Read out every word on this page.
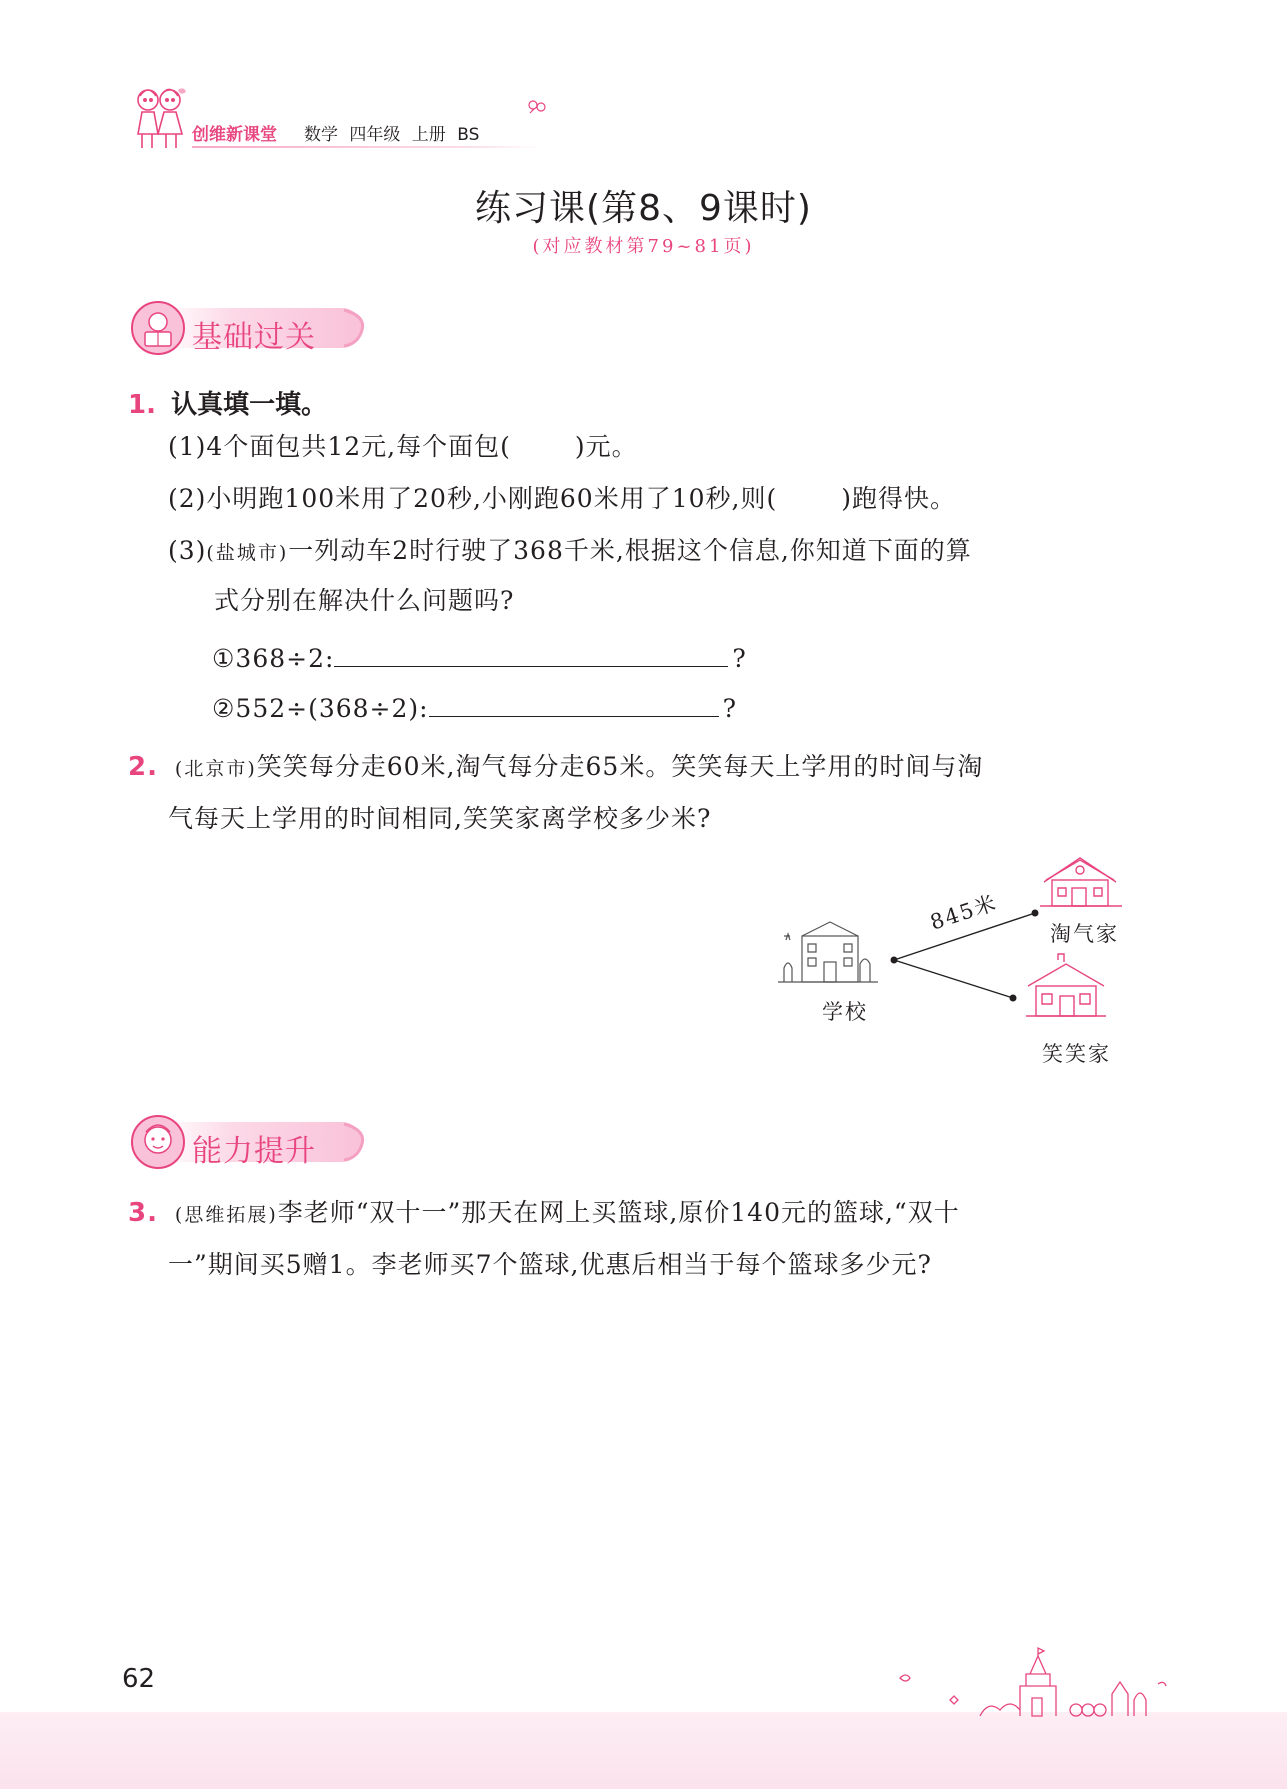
创维新课堂 数学 四年级 上册 BS
练习课(第8、9课时)
(对应教材第79~81页)
基础过关
1. 认真填一填。
(1)4个面包共12元,每个面包(	)元。
(2)小明跑100米用了20秒,小刚跑60米用了10秒,则(	)跑得快。
(3)(盐城市)一列动车2时行驶了368千米,根据这个信息,你知道下面的算
式分别在解决什么问题吗?
①368÷2:	?
②552÷(368÷2):	?
2. (北京市)笑笑每分走60米,淘气每分走65米。笑笑每天上学用的时间与淘
气每天上学用的时间相同,笑笑家离学校多少米?
学校
淘气家
笑笑家
845米
能力提升
3. (思维拓展)李老师“双十一”那天在网上买篮球,原价140元的篮球,“双十
一”期间买5赠1。李老师买7个篮球,优惠后相当于每个篮球多少元?
62
